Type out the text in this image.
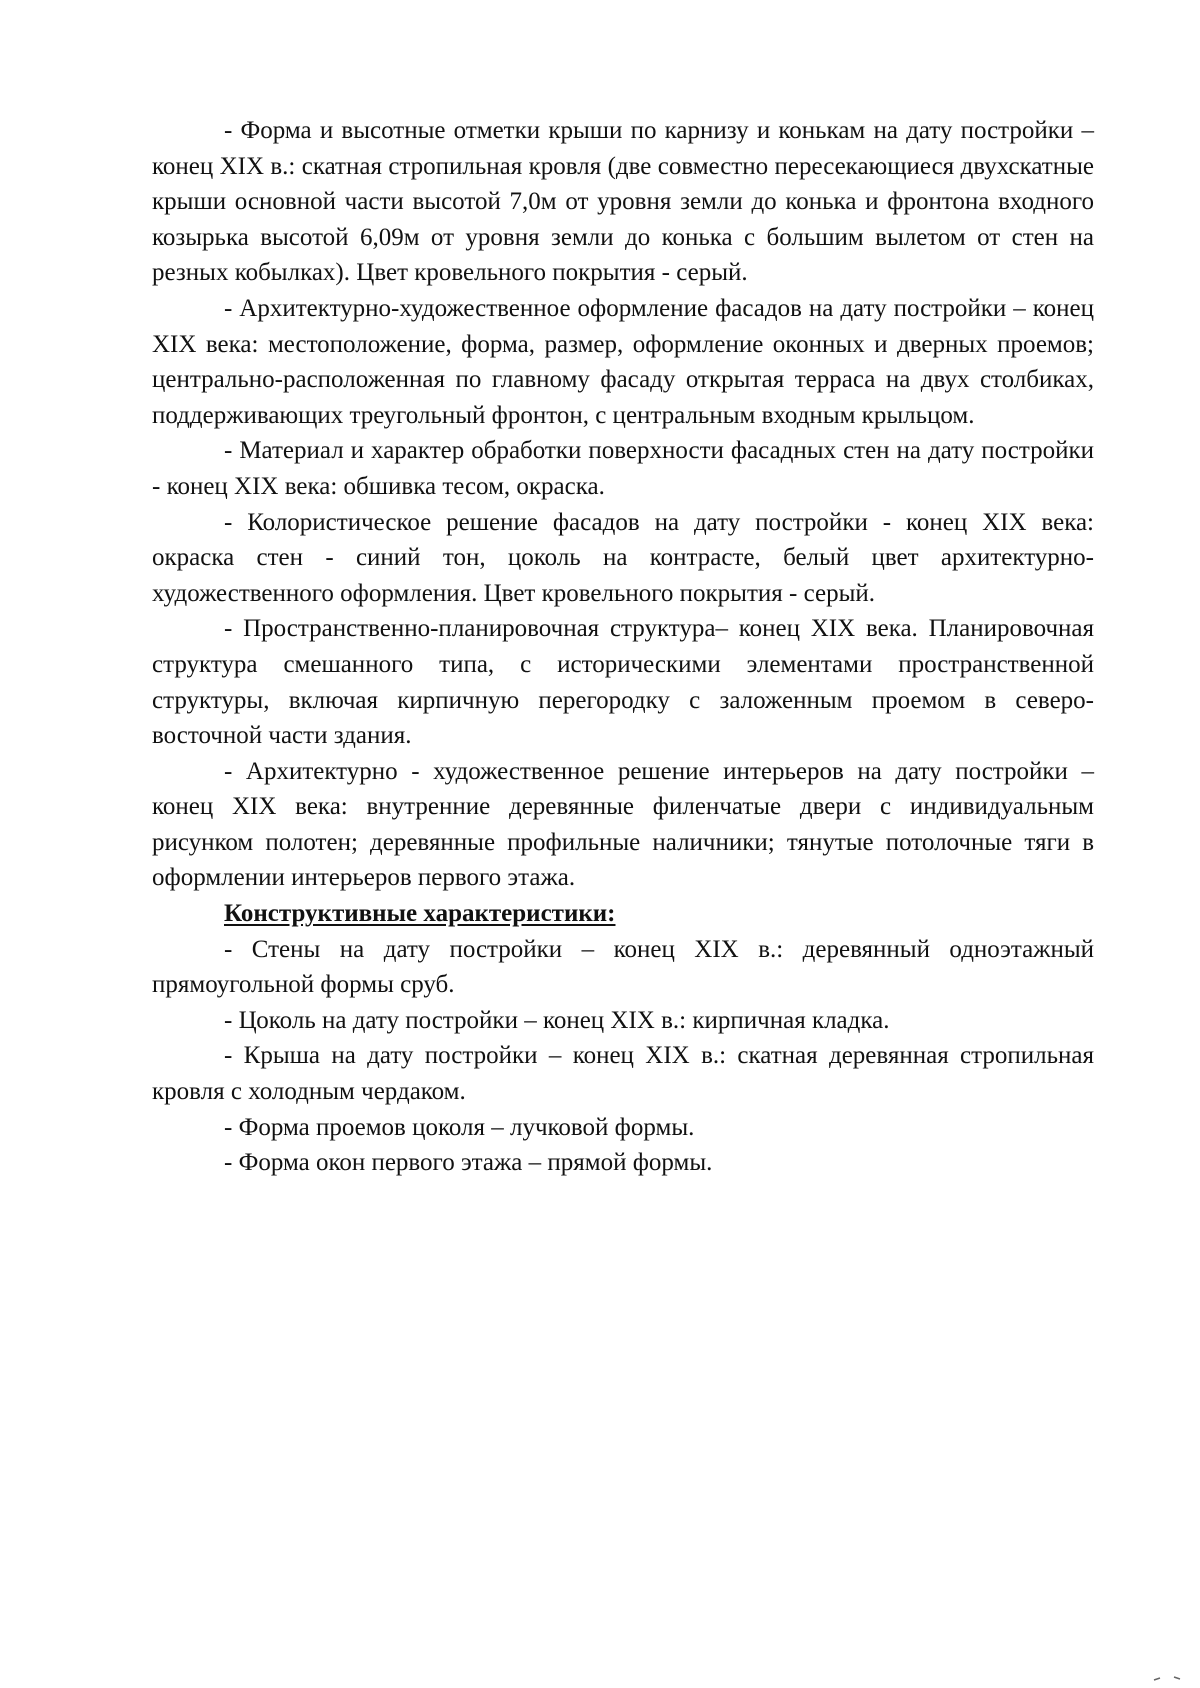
- Форма и высотные отметки крыши по карнизу и конькам на дату постройки – конец XIX в.: скатная стропильная кровля (две совместно пересекающиеся двухскатные крыши основной части высотой 7,0м от уровня земли до конька и фронтона входного козырька высотой 6,09м от уровня земли до конька с большим вылетом от стен на резных кобылках). Цвет кровельного покрытия - серый.

- Архитектурно-художественное оформление фасадов на дату постройки – конец XIX века: местоположение, форма, размер, оформление оконных и дверных проемов; центрально-расположенная по главному фасаду открытая терраса на двух столбиках, поддерживающих треугольный фронтон, с центральным входным крыльцом.

- Материал и характер обработки поверхности фасадных стен на дату постройки - конец XIX века: обшивка тесом, окраска.

- Колористическое решение фасадов на дату постройки - конец XIX века: окраска стен - синий тон, цоколь на контрасте, белый цвет архитектурно-художественного оформления. Цвет кровельного покрытия - серый.

- Пространственно-планировочная структура– конец XIX века. Планировочная структура смешанного типа, с историческими элементами пространственной структуры, включая кирпичную перегородку с заложенным проемом в северо-восточной части здания.

- Архитектурно - художественное решение интерьеров на дату постройки – конец XIX века: внутренние деревянные филенчатые двери с индивидуальным рисунком полотен; деревянные профильные наличники; тянутые потолочные тяги в оформлении интерьеров первого этажа.

Конструктивные характеристики:

- Стены на дату постройки – конец XIX в.: деревянный одноэтажный прямоугольной формы сруб.

- Цоколь на дату постройки – конец XIX в.: кирпичная кладка.

- Крыша на дату постройки – конец XIX в.: скатная деревянная стропильная кровля с холодным чердаком.

- Форма проемов цоколя – лучковой формы.

- Форма окон первого этажа – прямой формы.
